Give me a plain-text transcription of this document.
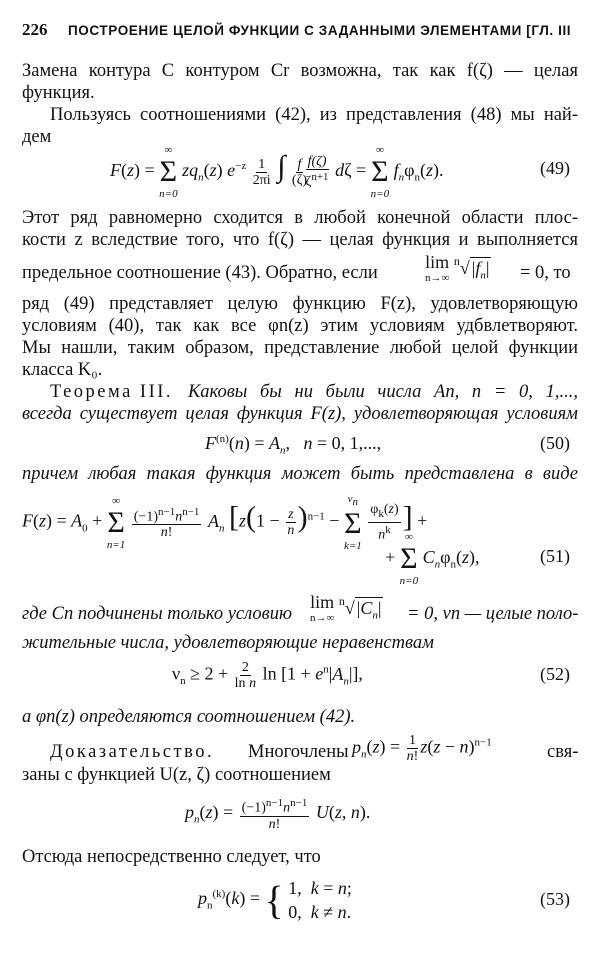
226 ПОСТРОЕНИЕ ЦЕЛОЙ ФУНКЦИИ С ЗАДАННЫМИ ЭЛЕМЕНТАМИ [ГЛ. III
Замена контура C контуром Cr возможна, так как f(ζ) — целая
функция.
Пользуясь соотношениями (42), из представления (48) мы най-
дем
F(z) =
∞
Σ
n=0
$zq_n(z)$ $e^{-z} \frac{1}{2\pi i}$ ∫ $\frac{f}{(\zeta)}$

$\frac{f(\zeta)}{\zeta^{n+1}}$ dζ =
∞
Σ
n=0
$f_n\varphi_n(z)$.	(49)
Этот ряд равномерно сходится в любой конечной области плос-
кости z вследствие того, что f(ζ) — целая функция и выполняется
предельное соотношение (43). Обратно, если
lim
n→∞
$^n$√ $|f_n| = 0$, то
ряд (49) представляет целую функцию F(z), удовлетворяющую
условиям (40), так как все φn(z) этим условиям удбвлетворяют.
Мы нашли, таким образом, представление любой целой функции
класса K₀.
Теорема III. Каковы бы ни были числа An, n = 0, 1,...,
всегда существует целая функция F(z), удовлетворяющая условиям
$F^{(n)}(n) = A_n$,   n = 0, 1,...,	(50)
причем любая такая функция может быть представлена в виде
$F(z) = A_0$ +
∞
Σ
n=1

$\frac{(-1)^{n-1}n^{n-1}}{n!} A_n$ [$z(1 - \frac{z}{n} )^{n-1}$ −
$\nu_n$
Σ
k=1

$\frac{\varphi_k(z)}{n^k}$ ] +
+
∞
Σ
n=0
$C_n\varphi_n(z)$,	(51)
где Cn подчинены только условию
lim
n→∞
$^n$√ $|C_n| = 0$, νn — целые поло-
жительные числа, удовлетворяющие неравенствам
$\nu_n \ge 2 + \frac{2}{\text{ln n}}$ $\ln [1 + e^n|A_n|]$,	(52)
а φn(z) определяются соотношением (42).
Доказательство. Многочлены $p_n(z) = \frac{1}{n!} z(z - n)^{n-1}$	свя-
заны с функцией U(z, ζ) соотношением
$p_n(z) = \frac{(-1)^{n-1}n^{n-1}}{n!} U(z$, n).
Отсюда непосредственно следует, что
$p_n^{(k)}(k)$ = { 1,  k = n;
0,  k ≠ n.
(53)
